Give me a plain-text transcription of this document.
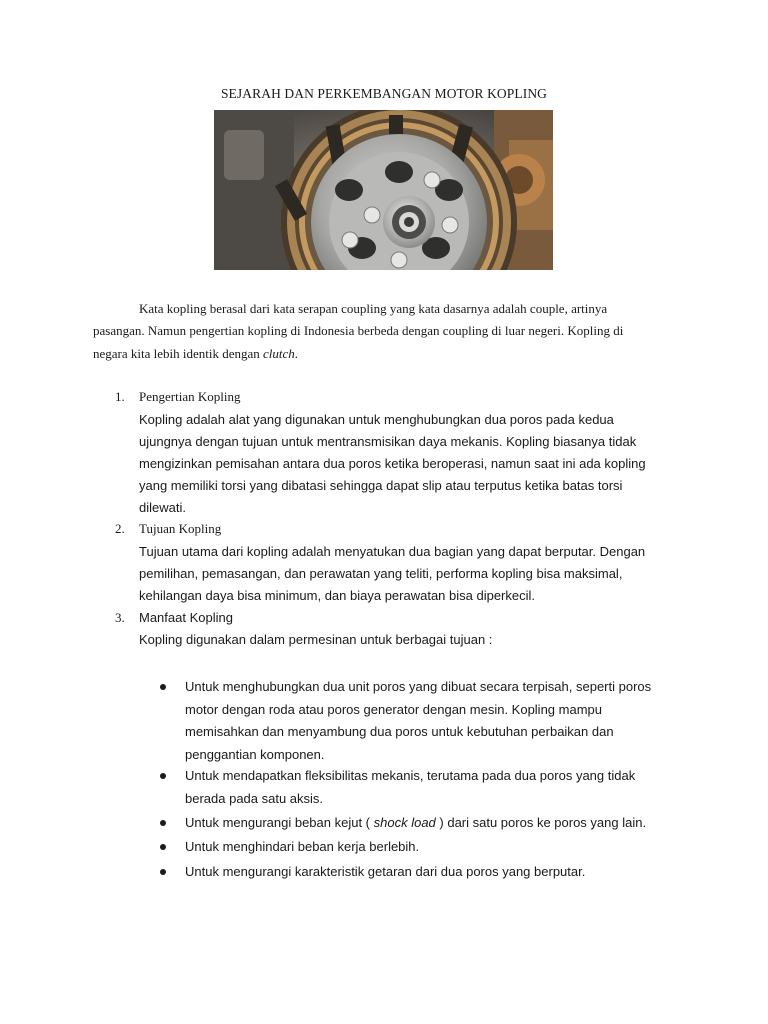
SEJARAH DAN PERKEMBANGAN MOTOR KOPLING
Kata kopling berasal dari kata serapan coupling yang kata dasarnya adalah couple, artinya
pasangan. Namun pengertian kopling di Indonesia berbeda dengan coupling di luar negeri. Kopling di
negara kita lebih identik dengan clutch.
1. Pengertian Kopling
Kopling adalah alat yang digunakan untuk menghubungkan dua poros pada kedua
ujungnya dengan tujuan untuk mentransmisikan daya mekanis. Kopling biasanya tidak
mengizinkan pemisahan antara dua poros ketika beroperasi, namun saat ini ada kopling
yang memiliki torsi yang dibatasi sehingga dapat slip atau terputus ketika batas torsi
dilewati.
2. Tujuan Kopling
Tujuan utama dari kopling adalah menyatukan dua bagian yang dapat berputar. Dengan
pemilihan, pemasangan, dan perawatan yang teliti, performa kopling bisa maksimal,
kehilangan daya bisa minimum, dan biaya perawatan bisa diperkecil.
3. Manfaat Kopling
Kopling digunakan dalam permesinan untuk berbagai tujuan :
Untuk menghubungkan dua unit poros yang dibuat secara terpisah, seperti poros
motor dengan roda atau poros generator dengan mesin. Kopling mampu
memisahkan dan menyambung dua poros untuk kebutuhan perbaikan dan
penggantian komponen.
Untuk mendapatkan fleksibilitas mekanis, terutama pada dua poros yang tidak
berada pada satu aksis.
Untuk mengurangi beban kejut ( shock load ) dari satu poros ke poros yang lain.
Untuk menghindari beban kerja berlebih.
Untuk mengurangi karakteristik getaran dari dua poros yang berputar.
